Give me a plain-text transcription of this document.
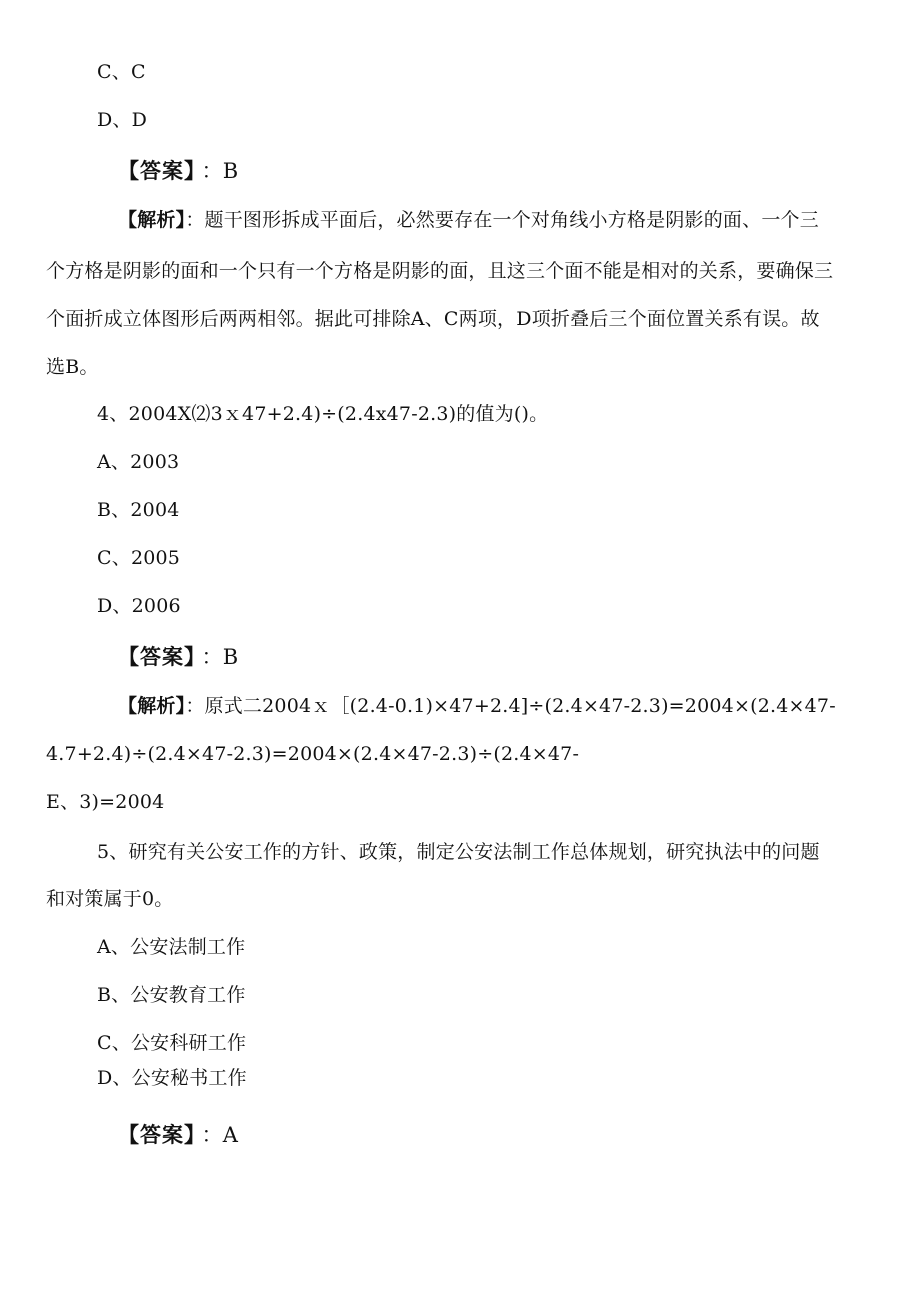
C、C
D、D
【答案】 ：B
【解析】：题干图形拆成平面后，必然要存在一个对角线小方格是阴影的面、一个三
个方格是阴影的面和一个只有一个方格是阴影的面，且这三个面不能是相对的关系，要确保三
个面折成立体图形后两两相邻。据此可排除A、C两项，D项折叠后三个面位置关系有误。故
选B。
4、2004X⑵3ｘ47+2.4)÷(2.4x47-2.3)的值为()。
A、2003
B、2004
C、2005
D、2006
【答案】 ：B
【解析】：原式二2004ｘ［(2.4-0.1)×47+2.4]÷(2.4×47-2.3)=2004×(2.4×47-
4.7+2.4)÷(2.4×47-2.3)=2004×(2.4×47-2.3)÷(2.4×47-
E、3)=2004
5、研究有关公安工作的方针、政策，制定公安法制工作总体规划，研究执法中的问题
和对策属于0。
A、公安法制工作
B、公安教育工作
C、公安科研工作
D、公安秘书工作
【答案】 ：A
